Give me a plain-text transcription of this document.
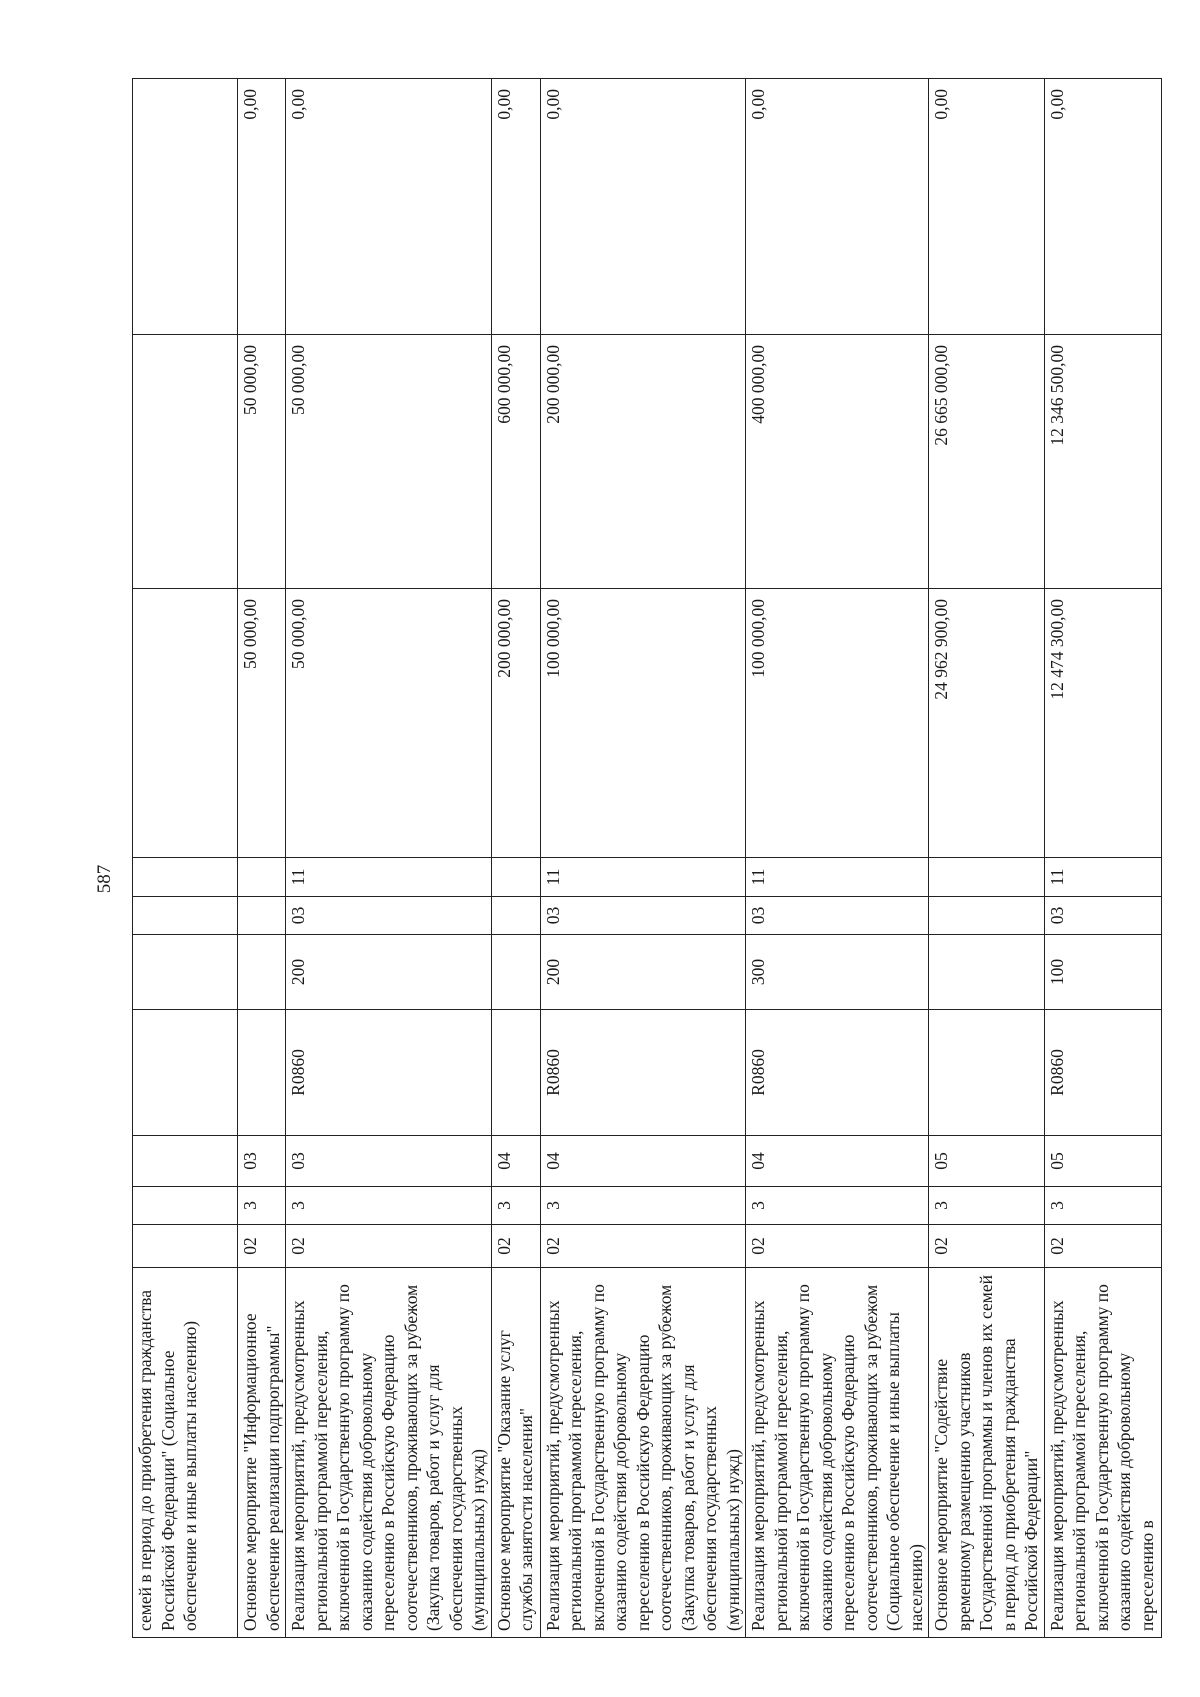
587
семей в период до приобретения гражданства Российской Федерации" (Социальное обеспечение и иные выплаты населению)										
Основное мероприятие "Информационное обеспечение реализации подпрограммы"	02	3	03					50 000,00	50 000,00	0,00
Реализация мероприятий, предусмотренных региональной программой переселения, включенной в Государственную программу по оказанию содействия добровольному переселению в Российскую Федерацию соотечественников, проживающих за рубежом (Закупка товаров, работ и услуг для обеспечения государственных (муниципальных) нужд)	02	3	03	R0860	200	03	11	50 000,00	50 000,00	0,00
Основное мероприятие "Оказание услуг службы занятости населения"	02	3	04					200 000,00	600 000,00	0,00
Реализация мероприятий, предусмотренных региональной программой переселения, включенной в Государственную программу по оказанию содействия добровольному переселению в Российскую Федерацию соотечественников, проживающих за рубежом (Закупка товаров, работ и услуг для обеспечения государственных (муниципальных) нужд)	02	3	04	R0860	200	03	11	100 000,00	200 000,00	0,00
Реализация мероприятий, предусмотренных региональной программой переселения, включенной в Государственную программу по оказанию содействия добровольному переселению в Российскую Федерацию соотечественников, проживающих за рубежом (Социальное обеспечение и иные выплаты населению)	02	3	04	R0860	300	03	11	100 000,00	400 000,00	0,00
Основное мероприятие "Содействие временному размещению участников Государственной программы и членов их семей в период до приобретения гражданства Российской Федерации"	02	3	05					24 962 900,00	26 665 000,00	0,00
Реализация мероприятий, предусмотренных региональной программой переселения, включенной в Государственную программу по оказанию содействия добровольному переселению в	02	3	05	R0860	100	03	11	12 474 300,00	12 346 500,00	0,00
